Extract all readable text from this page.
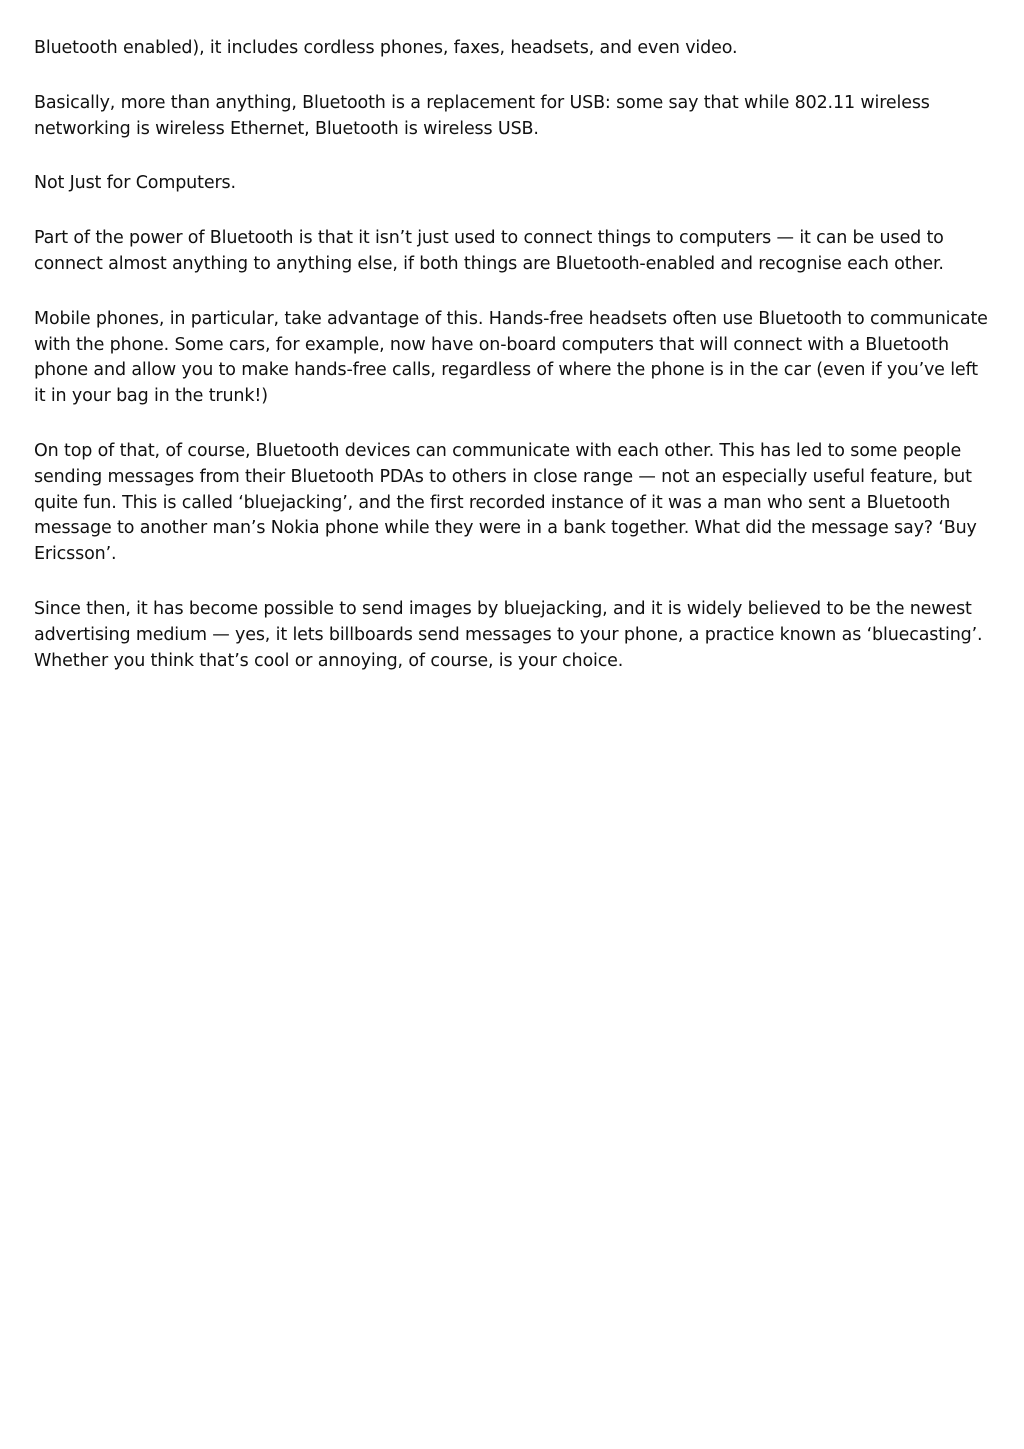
Bluetooth enabled), it includes cordless phones, faxes, headsets, and even video.

Basically, more than anything, Bluetooth is a replacement for USB: some say that while 802.11 wireless networking is wireless Ethernet, Bluetooth is wireless USB.

Not Just for Computers.

Part of the power of Bluetooth is that it isn’t just used to connect things to computers — it can be used to connect almost anything to anything else, if both things are Bluetooth-enabled and recognise each other.

Mobile phones, in particular, take advantage of this. Hands-free headsets often use Bluetooth to communicate with the phone. Some cars, for example, now have on-board computers that will connect with a Bluetooth phone and allow you to make hands-free calls, regardless of where the phone is in the car (even if you’ve left it in your bag in the trunk!)

On top of that, of course, Bluetooth devices can communicate with each other. This has led to some people sending messages from their Bluetooth PDAs to others in close range — not an especially useful feature, but quite fun. This is called ‘bluejacking’, and the first recorded instance of it was a man who sent a Bluetooth message to another man’s Nokia phone while they were in a bank together. What did the message say? ‘Buy Ericsson’.

Since then, it has become possible to send images by bluejacking, and it is widely believed to be the newest advertising medium — yes, it lets billboards send messages to your phone, a practice known as ‘bluecasting’. Whether you think that’s cool or annoying, of course, is your choice.
